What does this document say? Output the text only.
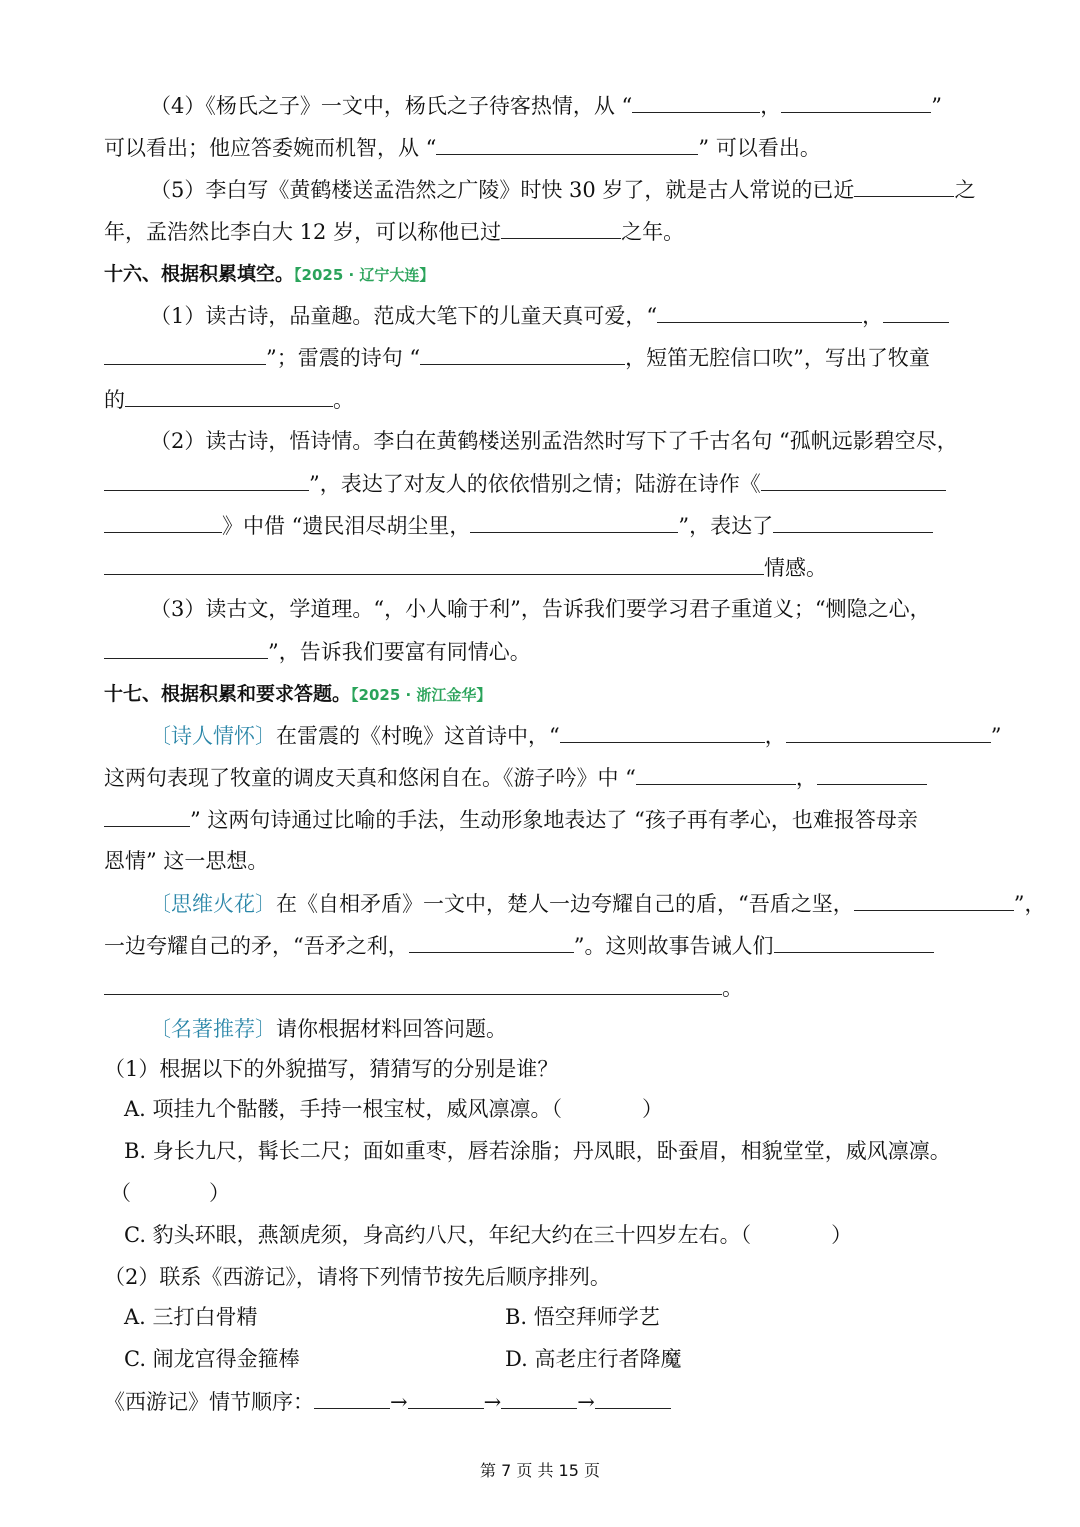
（4）《杨氏之子》一文中，杨氏之子待客热情，从 “	，	”
可以看出；他应答委婉而机智，从 “	” 可以看出。
（5）李白写《黄鹤楼送孟浩然之广陵》时快 30 岁了，就是古人常说的已近	之
年，孟浩然比李白大 12 岁，可以称他已过	之年。
十六、根据积累填空。【2025 · 辽宁大连】
（1）读古诗，品童趣。范成大笔下的儿童天真可爱，“	，
”；雷震的诗句 “	，短笛无腔信口吹”，写出了牧童
的	。
（2）读古诗，悟诗情。李白在黄鹤楼送别孟浩然时写下了千古名句 “孤帆远影碧空尽，
”，表达了对友人的依依惜别之情；陆游在诗作《
》中借 “遗民泪尽胡尘里，	”，表达了
情感。
（3）读古文，学道理。“，小人喻于利”，告诉我们要学习君子重道义；“恻隐之心，
”，告诉我们要富有同情心。
十七、根据积累和要求答题。【2025 · 浙江金华】
〔诗人情怀〕在雷震的《村晚》这首诗中，“	，	”
这两句表现了牧童的调皮天真和悠闲自在。《游子吟》中 “	，
” 这两句诗通过比喻的手法，生动形象地表达了 “孩子再有孝心，也难报答母亲
恩情” 这一思想。
〔思维火花〕在《自相矛盾》一文中，楚人一边夸耀自己的盾，“吾盾之坚，	”，
一边夸耀自己的矛，“吾矛之利，	”。这则故事告诫人们
。
〔名著推荐〕请你根据材料回答问题。
（1）根据以下的外貌描写，猜猜写的分别是谁？
A. 项挂九个骷髅，手持一根宝杖，威风凛凛。（	）
B. 身长九尺，髯长二尺；面如重枣，唇若涂脂；丹凤眼，卧蚕眉，相貌堂堂，威风凛凛。
（	）
C. 豹头环眼，燕颔虎须，身高约八尺，年纪大约在三十四岁左右。（	）
（2）联系《西游记》，请将下列情节按先后顺序排列。
A. 三打白骨精	B. 悟空拜师学艺
C. 闹龙宫得金箍棒	D. 高老庄行者降魔
《西游记》情节顺序：	→	→	→
第 7 页 共 15 页
